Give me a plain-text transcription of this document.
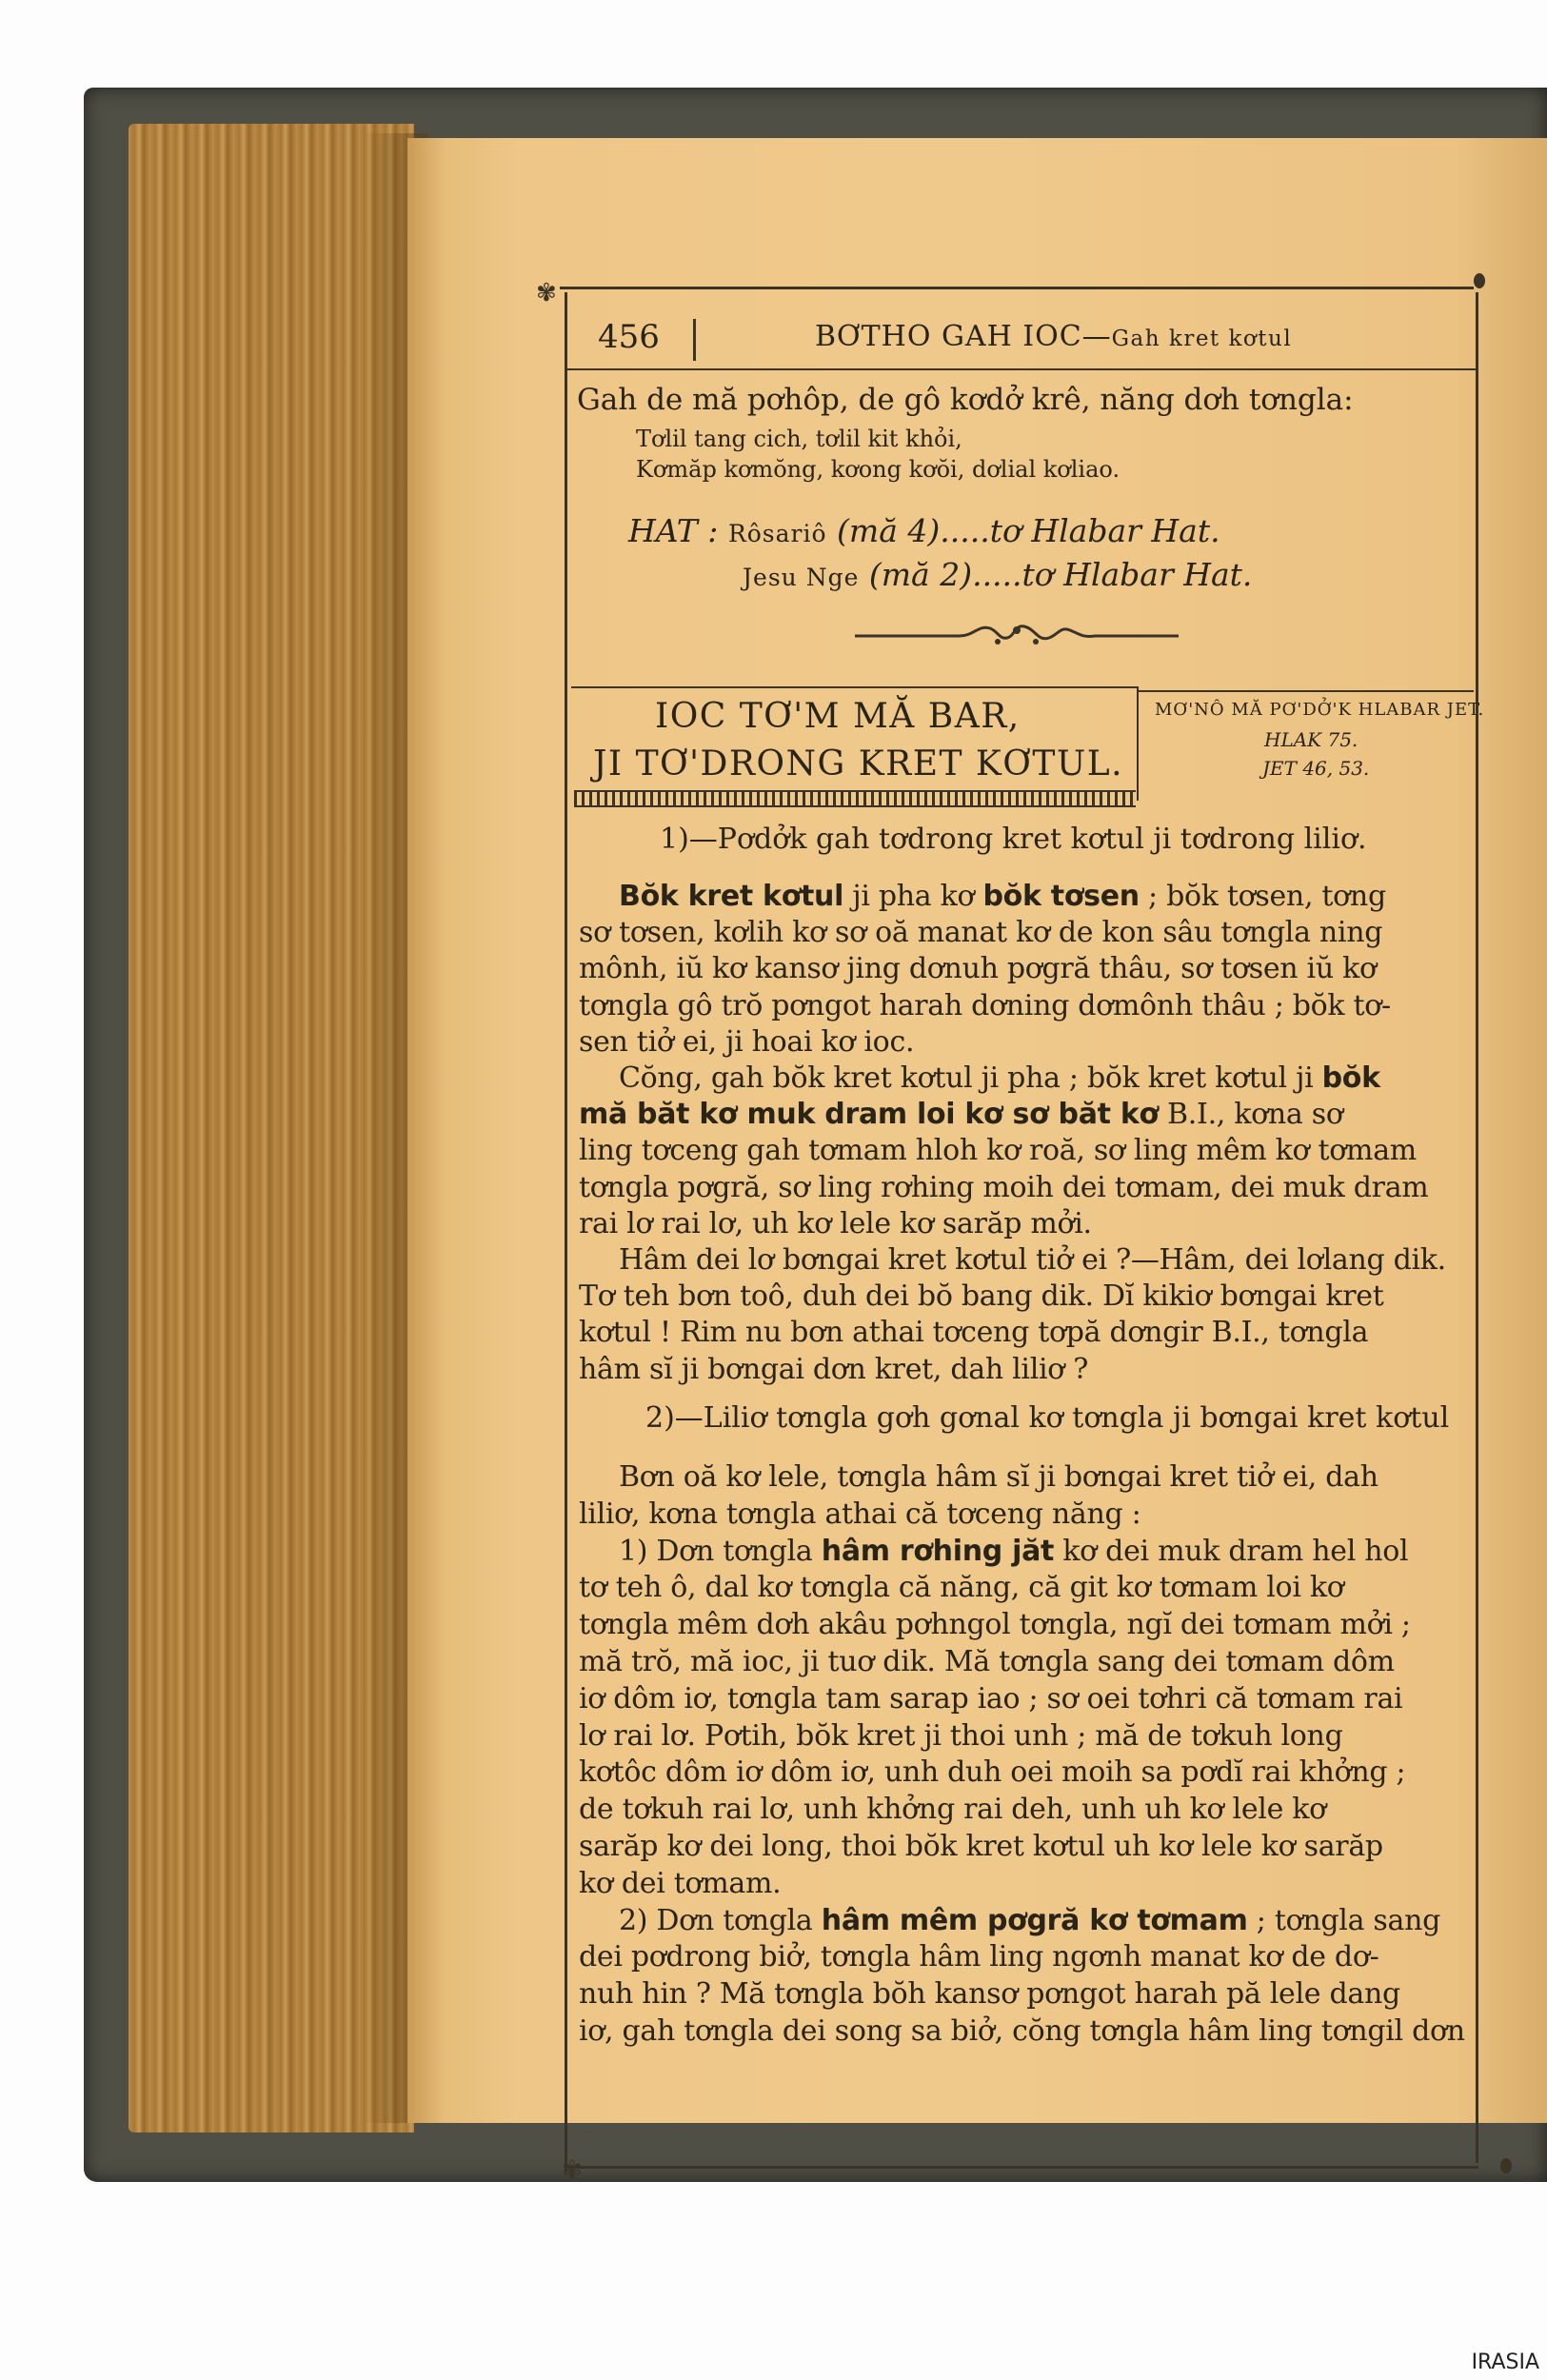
✾
456	BƠTHO GAH IOC—Gah kret kơtul
Gah de mă pơhôp, de gô kơdở krê, năng dơh tơngla:
Tơlil tang cich, tơlil kit khỏi,
Kơmăp kơmŏng, kơong kơŏi, dơlial kơliao.
HAT : Rôsariô (mă 4).....tơ Hlabar Hat.
Jesu Nge (mă 2).....tơ Hlabar Hat.
IOC TƠ'M MĂ BAR,
JI TƠ'DRONG KRET KƠTUL.
MƠ'NÔ MĂ PƠ'DỞ'K HLABAR JET.
HLAK 75.
JET 46, 53.
1)—Pơdởk gah tơdrong kret kơtul ji tơdrong liliơ.
Bŏk kret kơtul ji pha kơ bŏk tơsen ; bŏk tơsen, tơng
sơ tơsen, kơlih kơ sơ oă manat kơ de kon sâu tơngla ning
mônh, iŭ kơ kansơ jing dơnuh pơgră thâu, sơ tơsen iŭ kơ
tơngla gô trŏ pơngot harah dơning dơmônh thâu ; bŏk tơ-
sen tiở ei, ji hoai kơ ioc.
Cŏng, gah bŏk kret kơtul ji pha ; bŏk kret kơtul ji bŏk
mă băt kơ muk dram loi kơ sơ băt kơ B.I., kơna sơ
ling tơceng gah tơmam hloh kơ roă, sơ ling mêm kơ tơmam
tơngla pơgră, sơ ling rơhing moih dei tơmam, dei muk dram
rai lơ rai lơ, uh kơ lele kơ sarăp mởi.
Hâm dei lơ bơngai kret kơtul tiở ei ?—Hâm, dei lơlang dik.
Tơ teh bơn toô, duh dei bŏ bang dik. Dĭ kikiơ bơngai kret
kơtul ! Rim nu bơn athai tơceng tơpă dơngir B.I., tơngla
hâm sĭ ji bơngai dơn kret, dah liliơ ?
2)—Liliơ tơngla gơh gơnal kơ tơngla ji bơngai kret kơtul
Bơn oă kơ lele, tơngla hâm sĭ ji bơngai kret tiở ei, dah
liliơ, kơna tơngla athai că tơceng năng :
1) Dơn tơngla hâm rơhing jăt kơ dei muk dram hel hol
tơ teh ô, dal kơ tơngla că năng, că git kơ tơmam loi kơ
tơngla mêm dơh akâu pơhngol tơngla, ngĭ dei tơmam mởi ;
mă trŏ, mă ioc, ji tuơ dik. Mă tơngla sang dei tơmam dôm
iơ dôm iơ, tơngla tam sarap iao ; sơ oei tơhri că tơmam rai
lơ rai lơ. Pơtih, bŏk kret ji thoi unh ; mă de tơkuh long
kơtôc dôm iơ dôm iơ, unh duh oei moih sa pơdĭ rai khởng ;
de tơkuh rai lơ, unh khởng rai deh, unh uh kơ lele kơ
sarăp kơ dei long, thoi bŏk kret kơtul uh kơ lele kơ sarăp
kơ dei tơmam.
2) Dơn tơngla hâm mêm pơgră kơ tơmam ; tơngla sang
dei pơdrong biở, tơngla hâm ling ngơnh manat kơ de dơ-
nuh hin ? Mă tơngla bŏh kansơ pơngot harah pă lele dang
iơ, gah tơngla dei song sa biở, cŏng tơngla hâm ling tơngil dơn
✾
IRASIA
